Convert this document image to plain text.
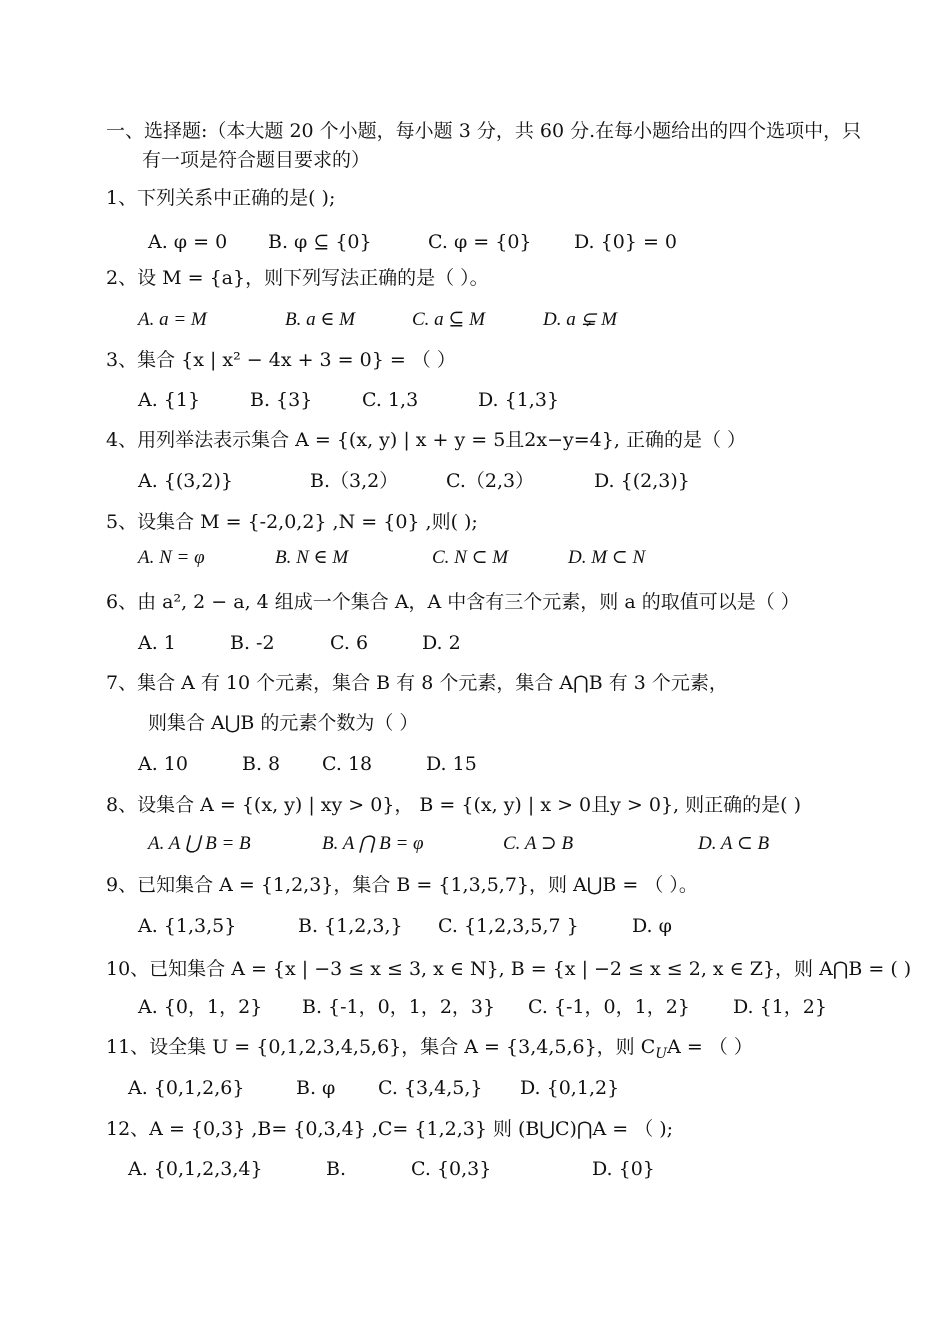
一、选择题:（本大题 20 个小题，每小题 3 分，共 60 分.在每小题给出的四个选项中，只
有一项是符合题目要求的）
1、下列关系中正确的是( );
A. φ = 0 B. φ ⊆ {0}	C. φ = {0} D. {0} = 0
2、设 M = {a}，则下列写法正确的是（ ）。
A. a = M	B. a ∈ M	C. a ⊆ M	D. a ⊊ M
3、集合 {x | x² − 4x + 3 = 0} = （ ）
A. {1}	B. {3}	C. 1,3	D. {1,3}
4、用列举法表示集合 A = {(x, y) | x + y = 5且2x−y=4}, 正确的是（ ）
A. {(3,2)}	B.（3,2）	C.（2,3）	D. {(2,3)}
5、设集合 M = {-2,0,2} ,N = {0} ,则( );
A. N = φ	B. N ∈ M	C. N ⊂ M	D. M ⊂ N
6、由 a², 2 − a, 4 组成一个集合 A，A 中含有三个元素，则 a 的取值可以是（ ）
A. 1	B. -2	C. 6	D. 2
7、集合 A 有 10 个元素，集合 B 有 8 个元素，集合 A⋂B 有 3 个元素，
则集合 A⋃B 的元素个数为（ ）
A. 10	B. 8 C. 18	D. 15
8、设集合 A = {(x, y) | xy > 0}， B = {(x, y) | x > 0且y > 0}, 则正确的是( )
A. A ⋃ B = B	B. A ⋂ B = φ	C. A ⊃ B	D. A ⊂ B
9、已知集合 A = {1,2,3}，集合 B = {1,3,5,7}，则 A⋃B = （ ）。
A. {1,3,5}	B. {1,2,3,} C. {1,2,3,5,7 }	D. φ
10、已知集合 A = {x | −3 ≤ x ≤ 3, x ∈ N}, B = {x | −2 ≤ x ≤ 2, x ∈ Z}，则 A⋂B = ( )
A. {0，1，2} B. {-1，0，1，2，3} C. {-1，0，1，2} D. {1，2}
11、设全集 U = {0,1,2,3,4,5,6}，集合 A = {3,4,5,6}，则 $C_UA$ = （ ）
A. {0,1,2,6}	B. φ C. {3,4,5,} D. {0,1,2}
12、A = {0,3} ,B= {0,3,4} ,C= {1,2,3} 则 (B⋃C)⋂A = （ );
A. {0,1,2,3,4}	B.	C. {0,3}	D. {0}
